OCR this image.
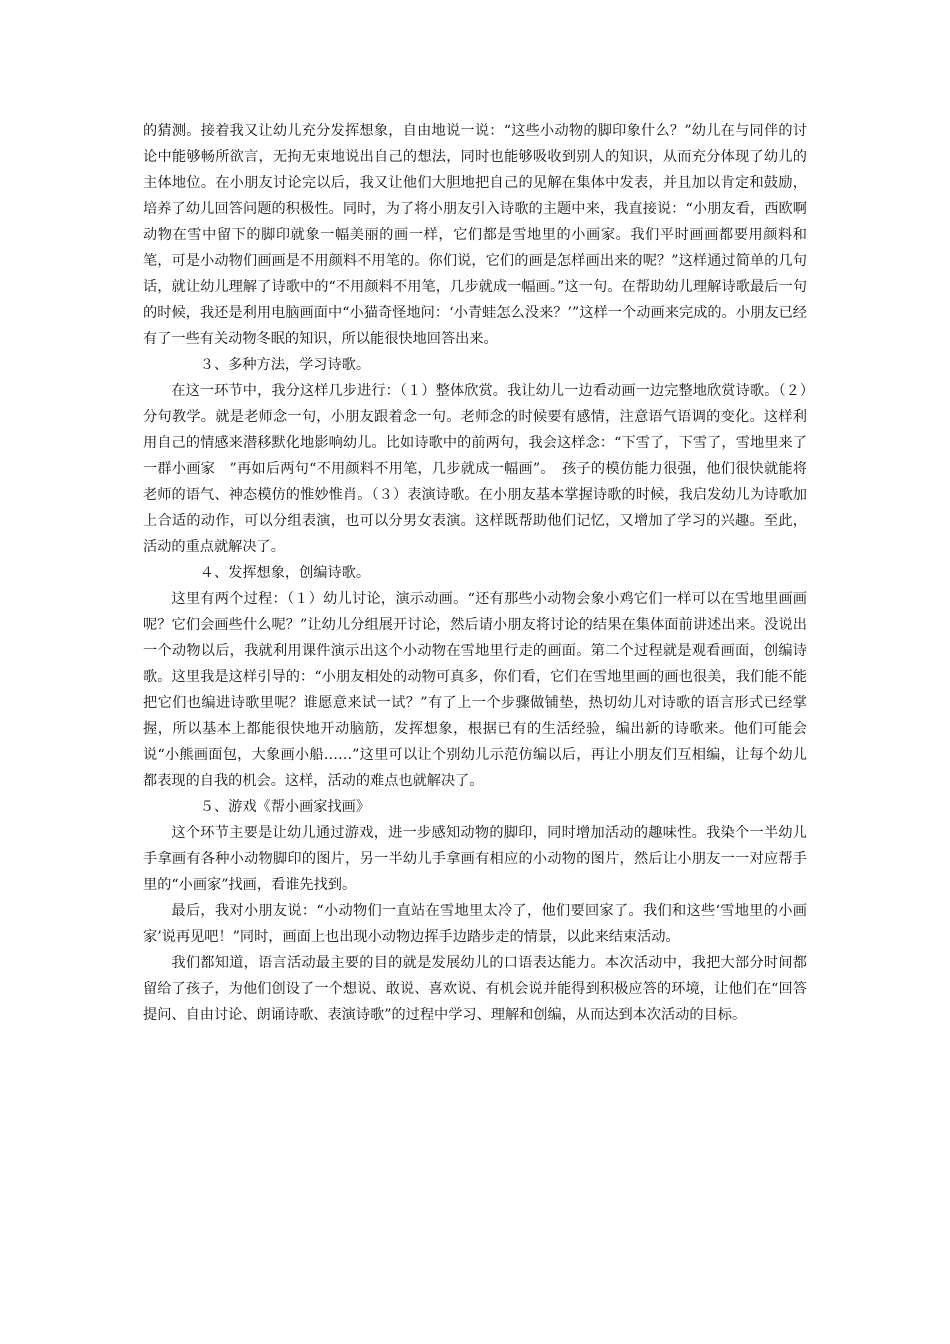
的猜测。接着我又让幼儿充分发挥想象，自由地说一说：“这些小动物的脚印象什么？”幼儿在与同伴的讨论中能够畅所欲言，无拘无束地说出自己的想法，同时也能够吸收到别人的知识，从而充分体现了幼儿的主体地位。在小朋友讨论完以后，我又让他们大胆地把自己的见解在集体中发表，并且加以肯定和鼓励，培养了幼儿回答问题的积极性。同时，为了将小朋友引入诗歌的主题中来，我直接说：“小朋友看，西欧啊动物在雪中留下的脚印就象一幅美丽的画一样，它们都是雪地里的小画家。我们平时画画都要用颜料和笔，可是小动物们画画是不用颜料不用笔的。你们说，它们的画是怎样画出来的呢？”这样通过简单的几句话，就让幼儿理解了诗歌中的“不用颜料不用笔，几步就成一幅画。”这一句。在帮助幼儿理解诗歌最后一句的时候，我还是利用电脑画面中“小猫奇怪地问：‘小青蛙怎么没来？’”这样一个动画来完成的。小朋友已经有了一些有关动物冬眠的知识，所以能很快地回答出来。

３、多种方法，学习诗歌。

在这一环节中，我分这样几步进行：（１）整体欣赏。我让幼儿一边看动画一边完整地欣赏诗歌。（２）分句教学。就是老师念一句，小朋友跟着念一句。老师念的时候要有感情，注意语气语调的变化。这样利用自己的情感来潜移默化地影响幼儿。比如诗歌中的前两句，我会这样念：“下雪了，下雪了，雪地里来了一群小画家　”再如后两句“不用颜料不用笔，几步就成一幅画”。　孩子的模仿能力很强，他们很快就能将老师的语气、神态模仿的惟妙惟肖。（３）表演诗歌。在小朋友基本掌握诗歌的时候，我启发幼儿为诗歌加上合适的动作，可以分组表演，也可以分男女表演。这样既帮助他们记忆，又增加了学习的兴趣。至此，活动的重点就解决了。

４、发挥想象，创编诗歌。

这里有两个过程：（１）幼儿讨论，演示动画。“还有那些小动物会象小鸡它们一样可以在雪地里画画呢？它们会画些什么呢？”让幼儿分组展开讨论，然后请小朋友将讨论的结果在集体面前讲述出来。没说出一个动物以后，我就利用课件演示出这个小动物在雪地里行走的画面。第二个过程就是观看画面，创编诗歌。这里我是这样引导的：“小朋友相处的动物可真多，你们看，它们在雪地里画的画也很美，我们能不能把它们也编进诗歌里呢？谁愿意来试一试？”有了上一个步骤做铺垫，热切幼儿对诗歌的语言形式已经掌握，所以基本上都能很快地开动脑筋，发挥想象，根据已有的生活经验，编出新的诗歌来。他们可能会说“小熊画面包，大象画小船……”这里可以让个别幼儿示范仿编以后，再让小朋友们互相编，让每个幼儿都表现的自我的机会。这样，活动的难点也就解决了。

５、游戏《帮小画家找画》

这个环节主要是让幼儿通过游戏，进一步感知动物的脚印，同时增加活动的趣味性。我染个一半幼儿手拿画有各种小动物脚印的图片，另一半幼儿手拿画有相应的小动物的图片，然后让小朋友一一对应帮手里的“小画家”找画，看谁先找到。

最后，我对小朋友说：“小动物们一直站在雪地里太冷了，他们要回家了。我们和这些‘雪地里的小画家’说再见吧！”同时，画面上也出现小动物边挥手边踏步走的情景，以此来结束活动。

我们都知道，语言活动最主要的目的就是发展幼儿的口语表达能力。本次活动中，我把大部分时间都留给了孩子，为他们创设了一个想说、敢说、喜欢说、有机会说并能得到积极应答的环境，让他们在“回答提问、自由讨论、朗诵诗歌、表演诗歌”的过程中学习、理解和创编，从而达到本次活动的目标。
